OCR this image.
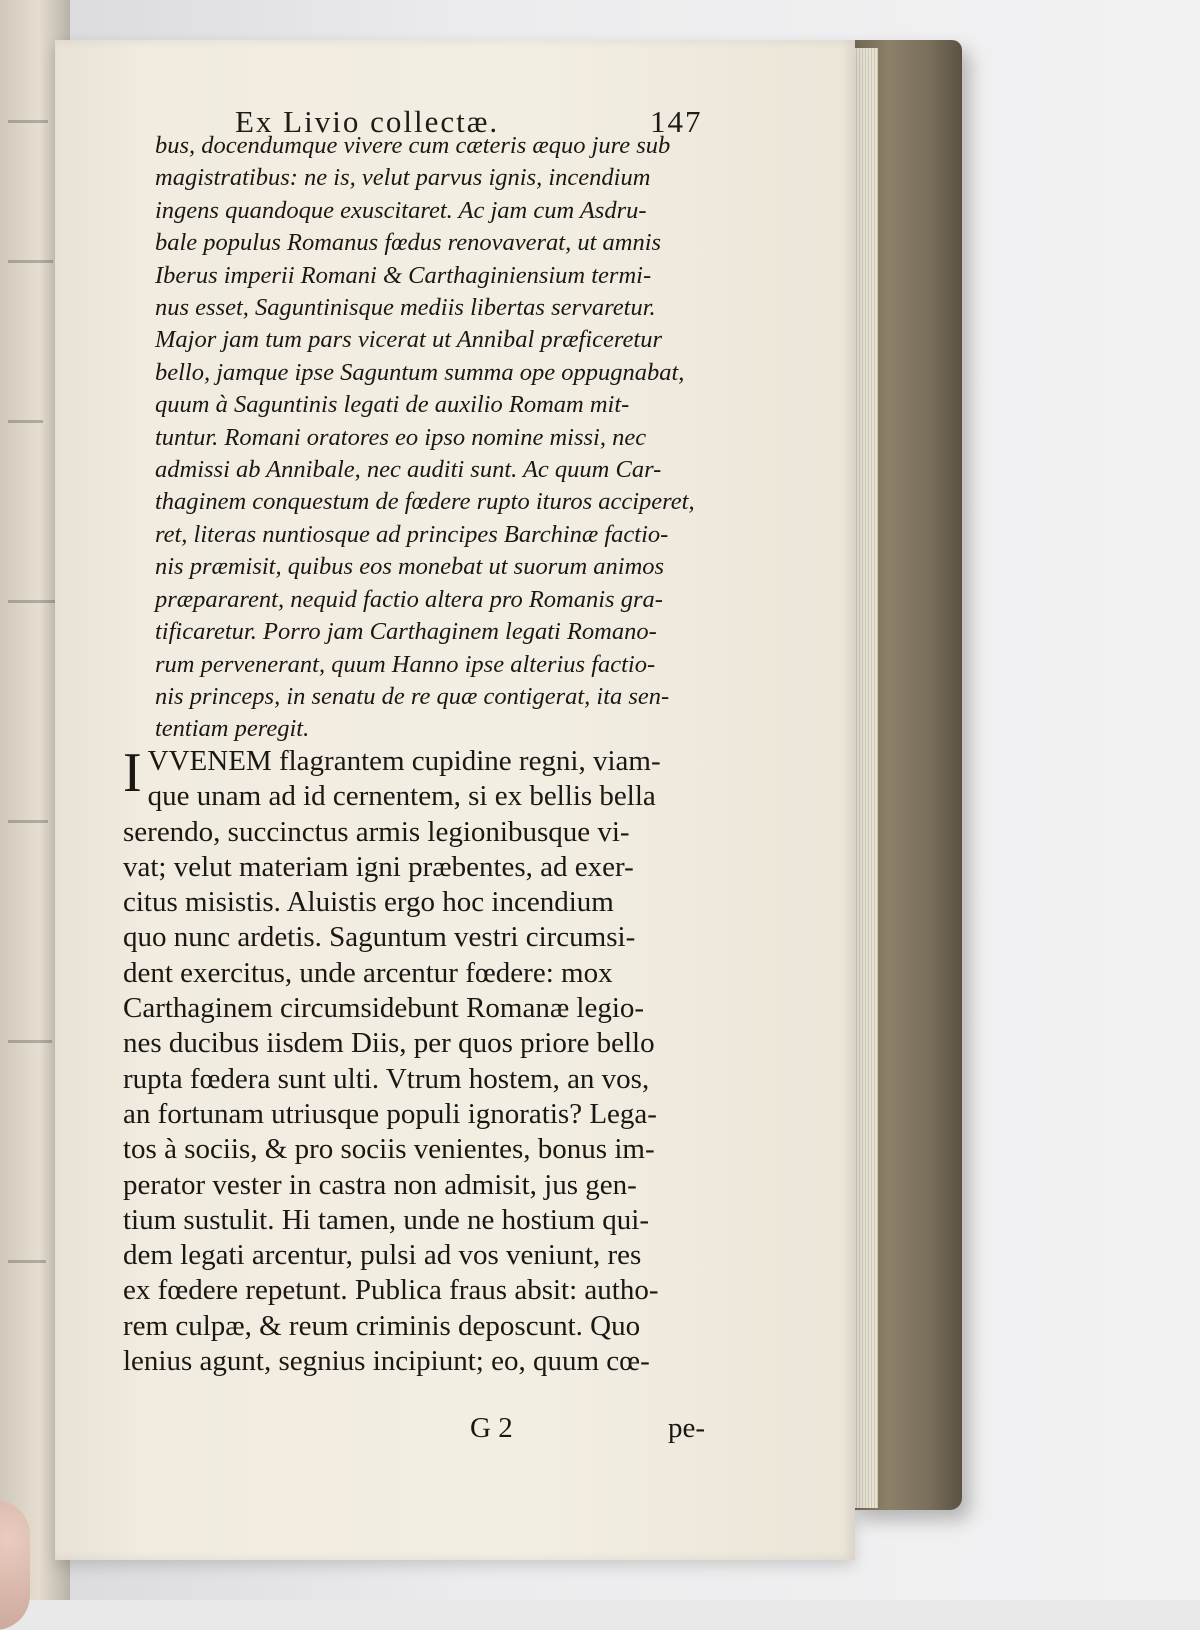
Ex Livio collectæ.	147
bus, docendumque vivere cum cæteris æquo jure sub
magistratibus: ne is, velut parvus ignis, incendium
ingens quandoque exuscitaret. Ac jam cum Asdru-
bale populus Romanus fœdus renovaverat, ut amnis
Iberus imperii Romani & Carthaginiensium termi-
nus esset, Saguntinisque mediis libertas servaretur.
Major jam tum pars vicerat ut Annibal præficeretur
bello, jamque ipse Saguntum summa ope oppugnabat,
quum à Saguntinis legati de auxilio Romam mit-
tuntur. Romani oratores eo ipso nomine missi, nec
admissi ab Annibale, nec auditi sunt. Ac quum Car-
thaginem conquestum de fœdere rupto ituros acciperet,
ret, literas nuntiosque ad principes Barchinæ factio-
nis præmisit, quibus eos monebat ut suorum animos
præpararent, nequid factio altera pro Romanis gra-
tificaretur. Porro jam Carthaginem legati Romano-
rum pervenerant, quum Hanno ipse alterius factio-
nis princeps, in senatu de re quæ contigerat, ita sen-
tentiam peregit.
I VVENEM flagrantem cupidine regni, viam-
que unam ad id cernentem, si ex bellis bella
serendo, succinctus armis legionibusque vi-
vat; velut materiam igni præbentes, ad exer-
citus misistis. Aluistis ergo hoc incendium
quo nunc ardetis. Saguntum vestri circumsi-
dent exercitus, unde arcentur fœdere: mox
Carthaginem circumsidebunt Romanæ legio-
nes ducibus iisdem Diis, per quos priore bello
rupta fœdera sunt ulti. Vtrum hostem, an vos,
an fortunam utriusque populi ignoratis? Lega-
tos à sociis, & pro sociis venientes, bonus im-
perator vester in castra non admisit, jus gen-
tium sustulit. Hi tamen, unde ne hostium qui-
dem legati arcentur, pulsi ad vos veniunt, res
ex fœdere repetunt. Publica fraus absit: autho-
rem culpæ, & reum criminis deposcunt. Quo
lenius agunt, segnius incipiunt; eo, quum cœ-
G 2	pe-
